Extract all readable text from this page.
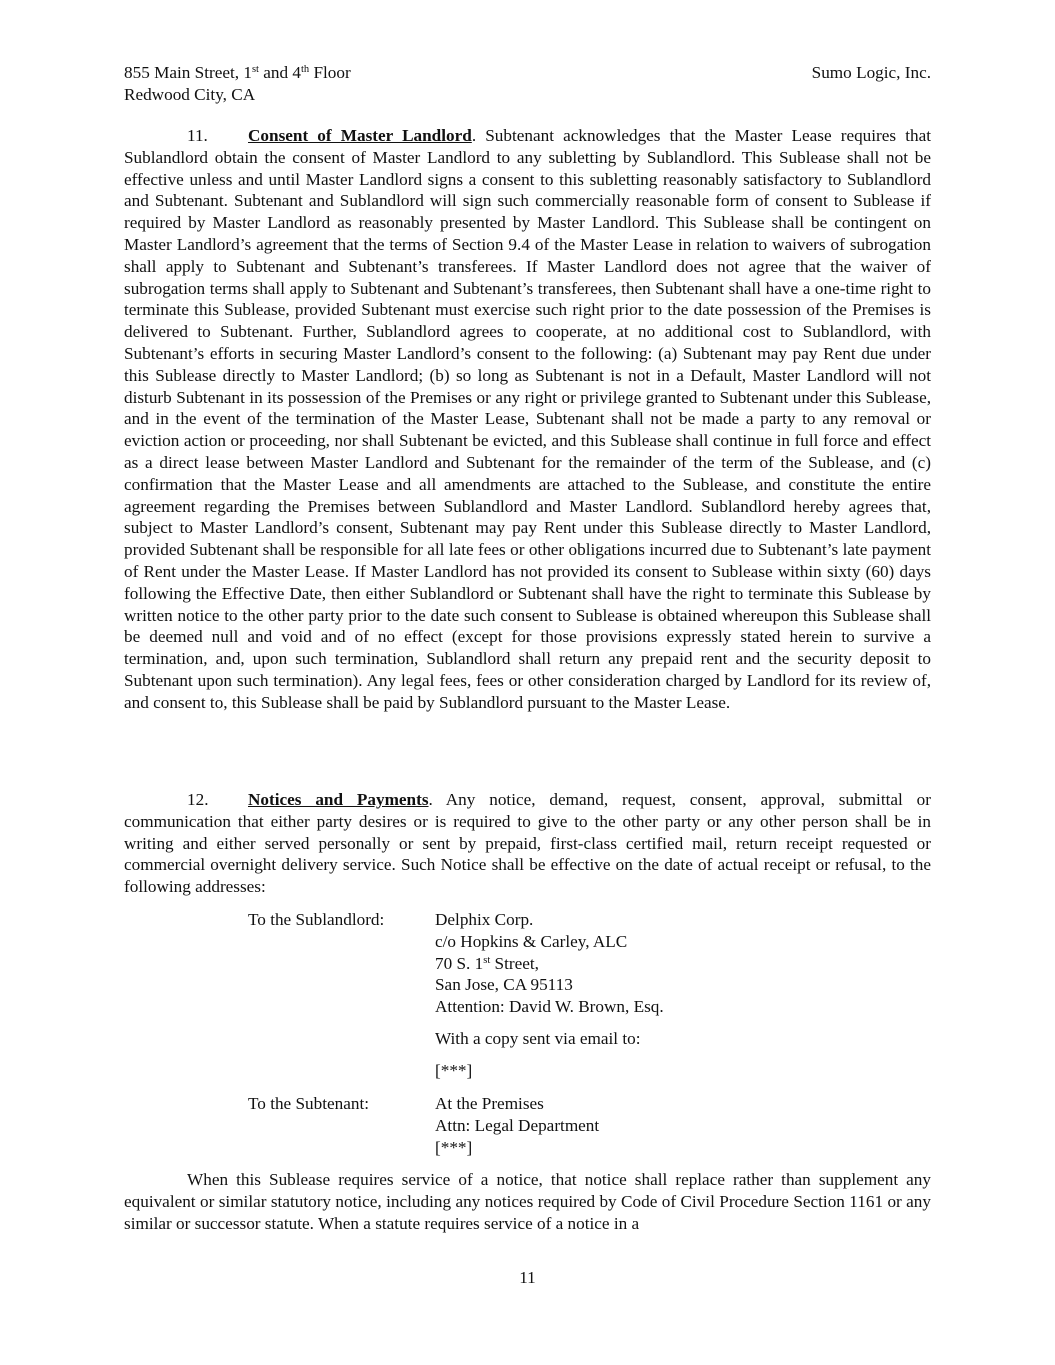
855 Main Street, 1st and 4th Floor
Redwood City, CA
Sumo Logic, Inc.
11. Consent of Master Landlord. Subtenant acknowledges that the Master Lease requires that Sublandlord obtain the consent of Master Landlord to any subletting by Sublandlord. This Sublease shall not be effective unless and until Master Landlord signs a consent to this subletting reasonably satisfactory to Sublandlord and Subtenant. Subtenant and Sublandlord will sign such commercially reasonable form of consent to Sublease if required by Master Landlord as reasonably presented by Master Landlord. This Sublease shall be contingent on Master Landlord’s agreement that the terms of Section 9.4 of the Master Lease in relation to waivers of subrogation shall apply to Subtenant and Subtenant’s transferees. If Master Landlord does not agree that the waiver of subrogation terms shall apply to Subtenant and Subtenant’s transferees, then Subtenant shall have a one-time right to terminate this Sublease, provided Subtenant must exercise such right prior to the date possession of the Premises is delivered to Subtenant. Further, Sublandlord agrees to cooperate, at no additional cost to Sublandlord, with Subtenant’s efforts in securing Master Landlord’s consent to the following: (a) Subtenant may pay Rent due under this Sublease directly to Master Landlord; (b) so long as Subtenant is not in a Default, Master Landlord will not disturb Subtenant in its possession of the Premises or any right or privilege granted to Subtenant under this Sublease, and in the event of the termination of the Master Lease, Subtenant shall not be made a party to any removal or eviction action or proceeding, nor shall Subtenant be evicted, and this Sublease shall continue in full force and effect as a direct lease between Master Landlord and Subtenant for the remainder of the term of the Sublease, and (c) confirmation that the Master Lease and all amendments are attached to the Sublease, and constitute the entire agreement regarding the Premises between Sublandlord and Master Landlord. Sublandlord hereby agrees that, subject to Master Landlord’s consent, Subtenant may pay Rent under this Sublease directly to Master Landlord, provided Subtenant shall be responsible for all late fees or other obligations incurred due to Subtenant’s late payment of Rent under the Master Lease. If Master Landlord has not provided its consent to Sublease within sixty (60) days following the Effective Date, then either Sublandlord or Subtenant shall have the right to terminate this Sublease by written notice to the other party prior to the date such consent to Sublease is obtained whereupon this Sublease shall be deemed null and void and of no effect (except for those provisions expressly stated herein to survive a termination, and, upon such termination, Sublandlord shall return any prepaid rent and the security deposit to Subtenant upon such termination). Any legal fees, fees or other consideration charged by Landlord for its review of, and consent to, this Sublease shall be paid by Sublandlord pursuant to the Master Lease.
12. Notices and Payments. Any notice, demand, request, consent, approval, submittal or communication that either party desires or is required to give to the other party or any other person shall be in writing and either served personally or sent by prepaid, first-class certified mail, return receipt requested or commercial overnight delivery service. Such Notice shall be effective on the date of actual receipt or refusal, to the following addresses:
To the Sublandlord:	Delphix Corp.
c/o Hopkins & Carley, ALC
70 S. 1st Street,
San Jose, CA 95113
Attention: David W. Brown, Esq.
With a copy sent via email to:
[***]
To the Subtenant:	At the Premises
Attn: Legal Department
[***]
When this Sublease requires service of a notice, that notice shall replace rather than supplement any equivalent or similar statutory notice, including any notices required by Code of Civil Procedure Section 1161 or any similar or successor statute. When a statute requires service of a notice in a
11
